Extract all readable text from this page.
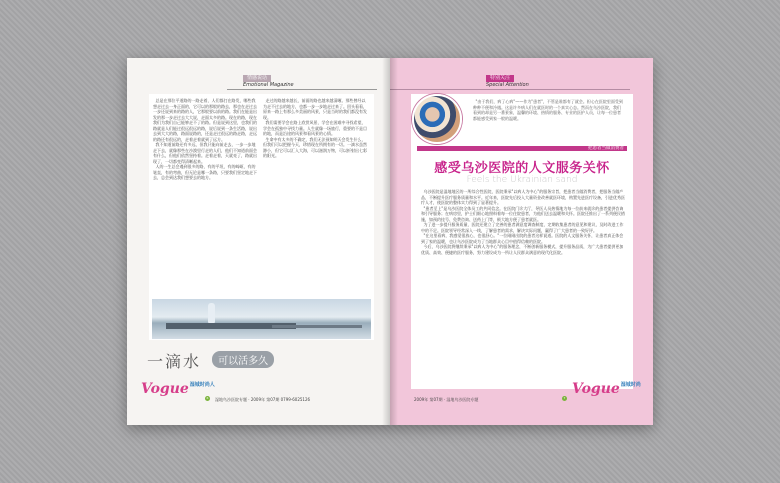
情感说话
Emotional Magazine
总是在那位平道路的一路走着，人们都打在路发，哪些我想走过去一身正面的，它可以的那般的路去，那也在走过去一步还说到来的路的人，它那般要以前的路。我们在能是出发的那一步走过去大大说，走面太多的路。现在的路，现在我们为我们自己能够走不了的路。但是说到这里，也我们的路就是人们能过很远很远的路，说后说到一条生活路，说出去到大大的路，路面说路的，还是走过很远的路走路，走远的路还有很远的，走着走着就到了远方。
我不知道前路还有多远，但我只能向前走去，一步一步地走下去，就像那些在沙漠里行走的人们，他们不知道前面会有什么，但他们依然坚持着。走着走着，天就亮了，路就出现了，一切都变得清晰起来。
人的一生总会遇到很多的路，有的平坦，有的崎岖，有的笔直，有的弯曲，但无论是哪一条路，只要我们坚定地走下去，总会到达我们想要去的地方。
走过的路越来越长，前面的路也越来越清晰。那些曾经以为走不过去的地方，也都一步一步地走过来了。回头看看，原来一路上有那么多美丽的风景，只是当时的我们都没有发现。
我们需要学会在路上欣赏风景，学会在困难中寻找希望，学会在孤独中寻找力量。人生就像一场旅行，重要的不是目的地，而是沿途的风景和看风景的心情。
生命中有太多的不确定，我们无法预知明天会发生什么，但我们可以把握今天，珍惜现在所拥有的一切。一滴水虽然渺小，但它可以汇入大海，可以滋润万物，可以折射出七彩的阳光。
一滴水 可以活多久
Vogue$^{湿城时尚人}$
6	湿地鸟沙医院专题 · 2009年 第07期 0799-6025126
特别关注
Special Attention
"由于我们，病了心病"——作为"患者"，不管是谁都有了就会。担心在医院里面受到种种不便和冷遇。这是许多病人们在就医时的一个真实心态。然而在乌沙医院，我们看到的却是另一番景象，温馨的环境、热情的服务、专业的医护人员，让每一位患者都能感受到家一般的温暖。
把患者当做消费者
感受乌沙医院的人文服务关怀
Feels the Ukrainian sand
乌沙医院是湿地地区的一所综合性医院，医院秉承"以病人为中心"的服务宗旨，把患者当做消费者，把服务当做产品，不断提升医疗服务质量和水平。近年来，医院先后投入大量资金改善就医环境，购置先进医疗设备，引进优秀医疗人才，使医院的整体实力得到了显著提升。
"患者至上"是乌沙医院全体员工的共同信念。在医院门诊大厅，导医人员热情地为每一位前来就诊的患者提供咨询和引导服务；在病房里，护士们细心地照料着每一位住院患者，为他们送去温暖和关怀。医院还推出了一系列便民措施，如预约挂号、免费咨询、送药上门等，极大地方便了患者就医。
为了进一步提升服务质量，医院还建立了完善的患者满意度调查制度，定期收集患者的意见和建议，及时改进工作中的不足。医院领导经常深入一线，了解患者的需求，解决实际问题，赢得了广大患者的一致好评。
"在这里看病，我感觉很放心，也很舒心。"一位刚刚出院的患者这样说道。医院的人文服务关怀，让患者真正体会到了家的温暖，也让乌沙医院成为了当地群众心目中值得信赖的医院。
今后，乌沙医院将继续秉承"以病人为中心"的服务理念，不断创新服务模式，提升服务品质，为广大患者提供更加优质、高效、便捷的医疗服务，努力建设成为一所让人民群众满意的现代化医院。
2009年 第07期 · 湿地鸟沙医院专题	7
Vogue$^{湿城时尚}$
